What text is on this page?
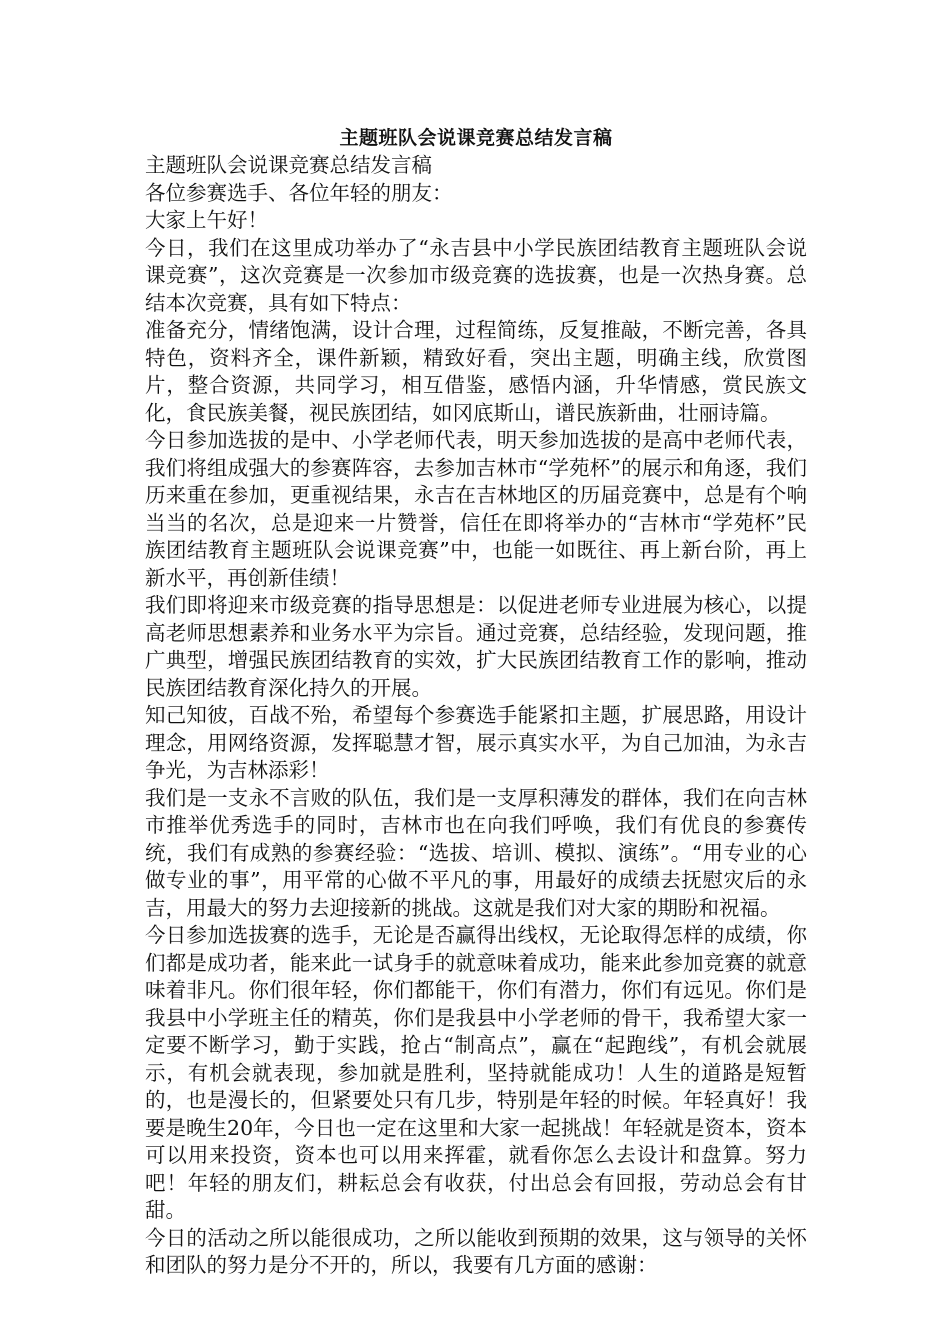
主题班队会说课竞赛总结发言稿

主题班队会说课竞赛总结发言稿

各位参赛选手、各位年轻的朋友：

大家上午好！

今日，我们在这里成功举办了“永吉县中小学民族团结教育主题班队会说课竞赛”，这次竞赛是一次参加市级竞赛的选拔赛，也是一次热身赛。总结本次竞赛，具有如下特点：

准备充分，情绪饱满，设计合理，过程简练，反复推敲，不断完善，各具特色，资料齐全，课件新颖，精致好看，突出主题，明确主线，欣赏图片，整合资源，共同学习，相互借鉴，感悟内涵，升华情感，赏民族文化，食民族美餐，视民族团结，如冈底斯山，谱民族新曲，壮丽诗篇。

今日参加选拔的是中、小学老师代表，明天参加选拔的是高中老师代表，我们将组成强大的参赛阵容，去参加吉林市“学苑杯”的展示和角逐，我们历来重在参加，更重视结果，永吉在吉林地区的历届竞赛中，总是有个响当当的名次，总是迎来一片赞誉，信任在即将举办的“吉林市“学苑杯”民族团结教育主题班队会说课竞赛”中，也能一如既往、再上新台阶，再上新水平，再创新佳绩！

我们即将迎来市级竞赛的指导思想是：以促进老师专业进展为核心，以提高老师思想素养和业务水平为宗旨。通过竞赛，总结经验，发现问题，推广典型，增强民族团结教育的实效，扩大民族团结教育工作的影响，推动民族团结教育深化持久的开展。

知己知彼，百战不殆，希望每个参赛选手能紧扣主题，扩展思路，用设计理念，用网络资源，发挥聪慧才智，展示真实水平，为自己加油，为永吉争光，为吉林添彩！

我们是一支永不言败的队伍，我们是一支厚积薄发的群体，我们在向吉林市推举优秀选手的同时，吉林市也在向我们呼唤，我们有优良的参赛传统，我们有成熟的参赛经验：“选拔、培训、模拟、演练”。“用专业的心做专业的事”，用平常的心做不平凡的事，用最好的成绩去抚慰灾后的永吉，用最大的努力去迎接新的挑战。这就是我们对大家的期盼和祝福。

今日参加选拔赛的选手，无论是否赢得出线权，无论取得怎样的成绩，你们都是成功者，能来此一试身手的就意味着成功，能来此参加竞赛的就意味着非凡。你们很年轻，你们都能干，你们有潜力，你们有远见。你们是我县中小学班主任的精英，你们是我县中小学老师的骨干，我希望大家一定要不断学习，勤于实践，抢占“制高点”，赢在“起跑线”，有机会就展示，有机会就表现，参加就是胜利，坚持就能成功！人生的道路是短暂的，也是漫长的，但紧要处只有几步，特别是年轻的时候。年轻真好！我要是晚生20年，今日也一定在这里和大家一起挑战！年轻就是资本，资本可以用来投资，资本也可以用来挥霍，就看你怎么去设计和盘算。努力吧！年轻的朋友们，耕耘总会有收获，付出总会有回报，劳动总会有甘甜。

今日的活动之所以能很成功，之所以能收到预期的效果，这与领导的关怀和团队的努力是分不开的，所以，我要有几方面的感谢：
